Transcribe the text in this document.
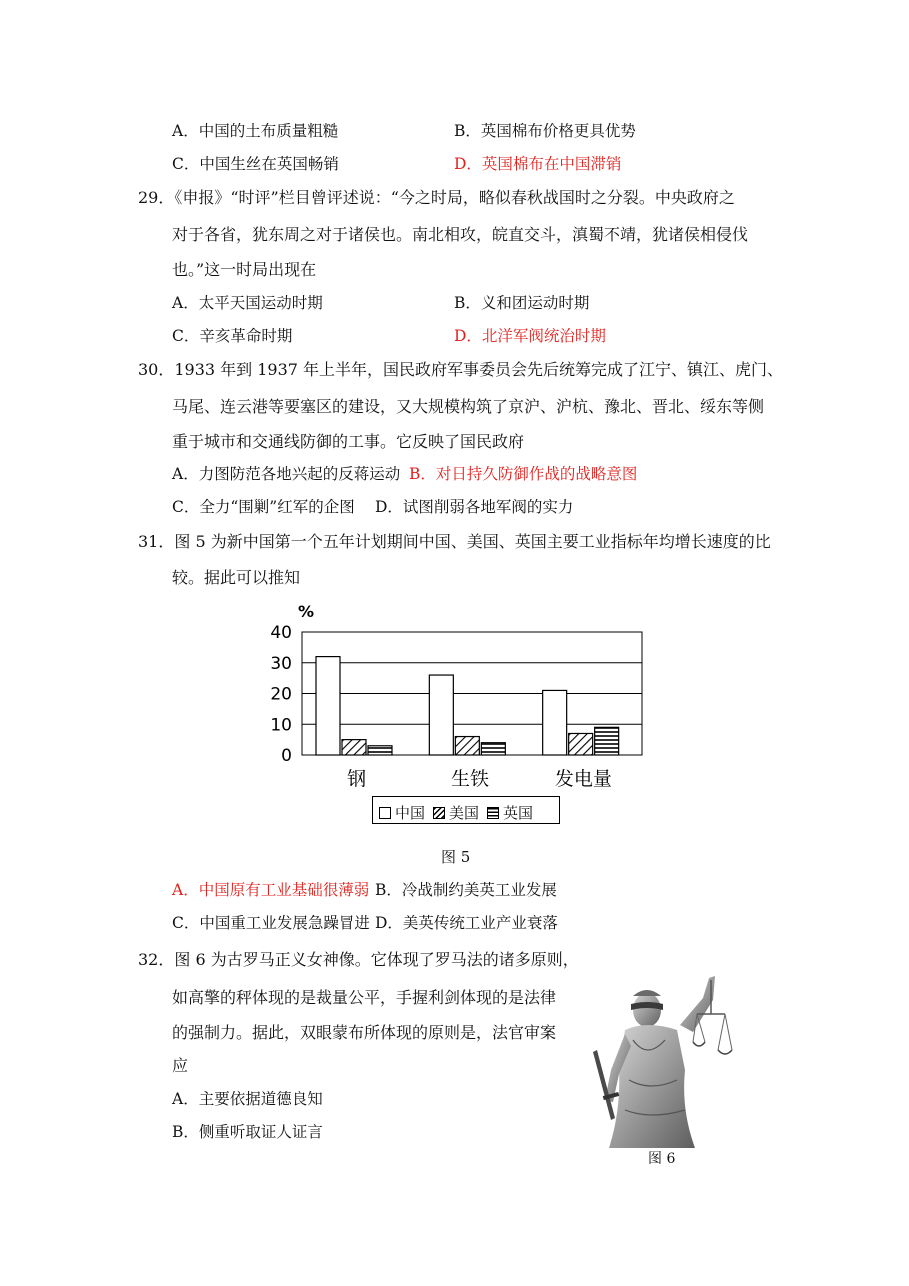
A．中国的土布质量粗糙	B．英国棉布价格更具优势
C．中国生丝在英国畅销	D．英国棉布在中国滞销
29．《申报》“时评”栏目曾评述说：“今之时局，略似春秋战国时之分裂。中央政府之
对于各省，犹东周之对于诸侯也。南北相攻，皖直交斗，滇蜀不靖，犹诸侯相侵伐
也。”这一时局出现在
A．太平天国运动时期	B．义和团运动时期
C．辛亥革命时期	D．北洋军阀统治时期
30．1933 年到 1937 年上半年，国民政府军事委员会先后统筹完成了江宁、镇江、虎门、
马尾、连云港等要塞区的建设，又大规模构筑了京沪、沪杭、豫北、晋北、绥东等侧
重于城市和交通线防御的工事。它反映了国民政府
A．力图防范各地兴起的反蒋运动 B．对日持久防御作战的战略意图
C．全力“围剿”红军的企图 D．试图削弱各地军阀的实力
31．图 5 为新中国第一个五年计划期间中国、美国、英国主要工业指标年均增长速度的比
较。据此可以推知
40
30
20
10
0
%
钢	生铁	发电量
中国 美国 英国
图 5
A．中国原有工业基础很薄弱 B．冷战制约美英工业发展
C．中国重工业发展急躁冒进 D．美英传统工业产业衰落
32．图 6 为古罗马正义女神像。它体现了罗马法的诸多原则，
如高擎的秤体现的是裁量公平，手握利剑体现的是法律
的强制力。据此，双眼蒙布所体现的原则是，法官审案
应
A．主要依据道德良知
B．侧重听取证人证言
图 6
